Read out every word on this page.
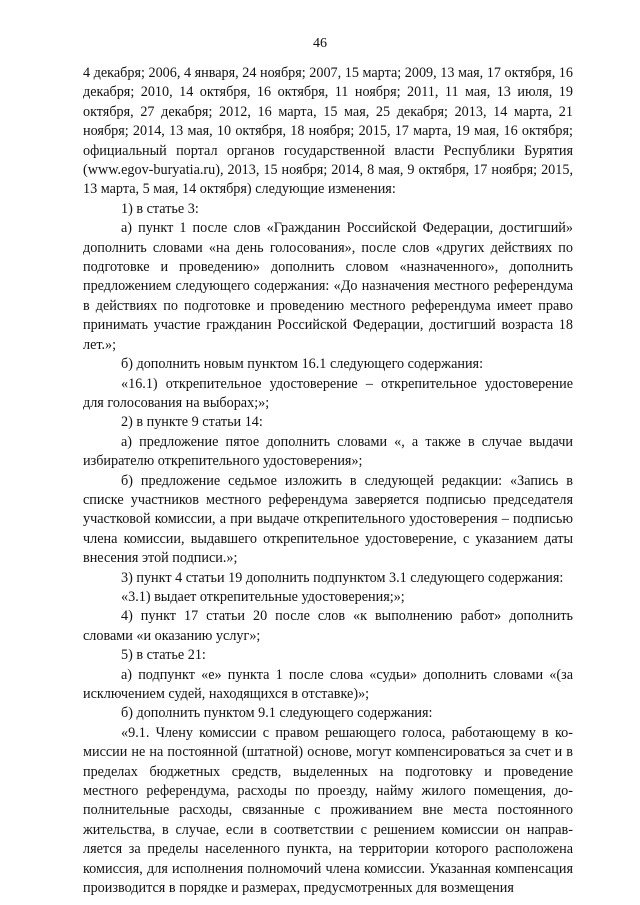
46

4 декабря; 2006, 4 января, 24 ноября; 2007, 15 марта; 2009, 13 мая, 17 октября, 16 декабря; 2010, 14 октября, 16 октября, 11 ноября; 2011, 11 мая, 13 июля, 19 октября, 27 декабря; 2012, 16 марта, 15 мая, 25 декабря; 2013, 14 марта, 21 ноября; 2014, 13 мая, 10 октября, 18 ноября; 2015, 17 марта, 19 мая, 16 октября; официальный портал органов государственной власти Республики Бурятия (www.egov-buryatia.ru), 2013, 15 ноября; 2014, 8 мая, 9 октября, 17 ноября; 2015, 13 марта, 5 мая, 14 октября) следующие изменения:

1) в статье 3:

а) пункт 1 после слов «Гражданин Российской Федерации, достигший» дополнить словами «на день голосования», после слов «других действиях по подготовке и проведению» дополнить словом «назначенного», дополнить предложением следующего содержания: «До назначения местного референдума в действиях по подготовке и проведению местного референдума имеет право принимать участие гражданин Российской Федерации, достигший возраста 18 лет.»;

б) дополнить новым пунктом 16.1 следующего содержания:

«16.1) открепительное удостоверение – открепительное удостоверение для голосования на выборах;»;

2) в пункте 9 статьи 14:

а) предложение пятое дополнить словами «, а также в случае выдачи избирателю открепительного удостоверения»;

б) предложение седьмое изложить в следующей редакции: «Запись в списке участников местного референдума заверяется подписью председателя участковой комиссии, а при выдаче открепительного удостоверения – подписью члена комиссии, выдавшего открепительное удостоверение, с указанием даты внесения этой подписи.»;

3) пункт 4 статьи 19 дополнить подпунктом 3.1 следующего содержания:

«3.1) выдает открепительные удостоверения;»;

4) пункт 17 статьи 20 после слов «к выполнению работ» дополнить словами «и оказанию услуг»;

5) в статье 21:

а) подпункт «е» пункта 1 после слова «судьи» дополнить словами «(за исключением судей, находящихся в отставке)»;

б) дополнить пунктом 9.1 следующего содержания:

«9.1. Члену комиссии с правом решающего голоса, работающему в комиссии не на постоянной (штатной) основе, могут компенсироваться за счет и в пределах бюджетных средств, выделенных на подготовку и проведение местного референдума, расходы по проезду, найму жилого помещения, дополнительные расходы, связанные с проживанием вне места постоянного жительства, в случае, если в соответствии с решением комиссии он направляется за пределы населенного пункта, на территории которого расположена комиссия, для исполнения полномочий члена комиссии. Указанная компенсация производится в порядке и размерах, предусмотренных для возмещения
